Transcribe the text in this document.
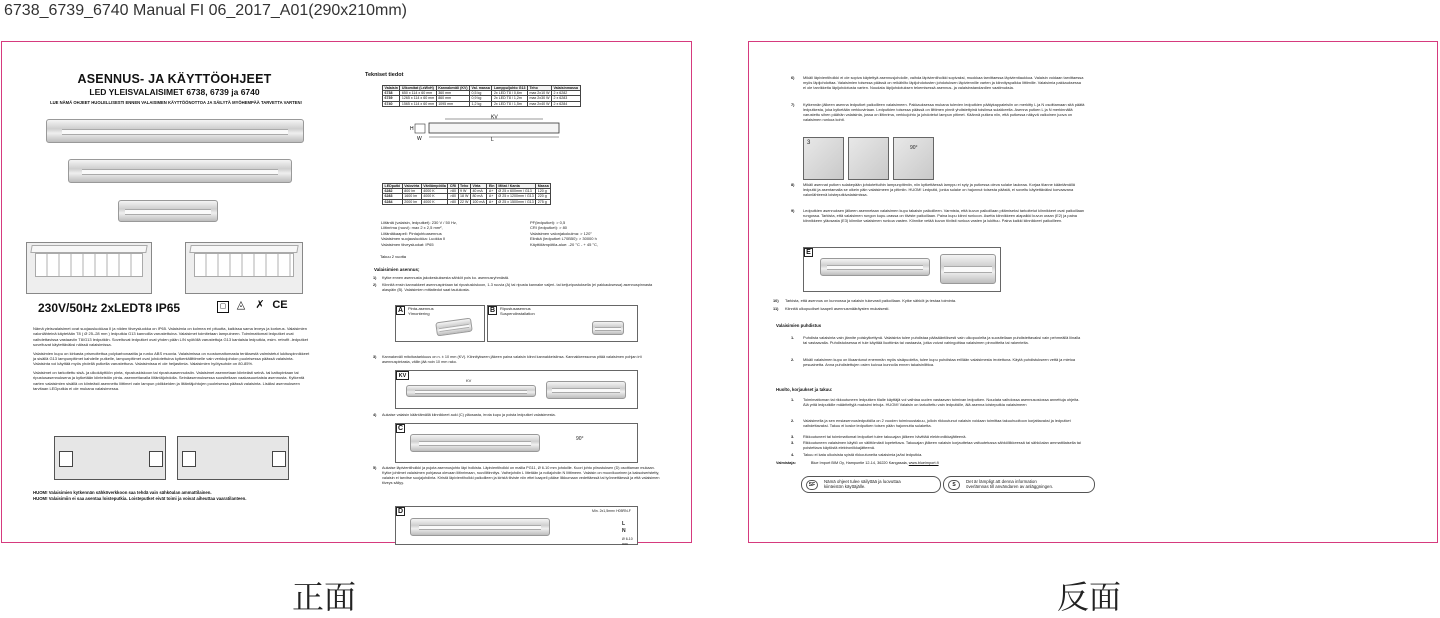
6738_6739_6740 Manual FI 06_2017_A01(290x210mm)
ASENNUS- JA KÄYTTÖOHJEET
LED YLEISVALAISIMET 6738, 6739 ja 6740
LUE NÄMÄ OHJEET HUOLELLISESTI ENNEN VALAISIMEN KÄYTTÖÖNOTTOA JA SÄILYTÄ MYÖHEMPÄÄ TARVETTA VARTEN!
230V/50Hz 2xLEDT8 IP65	▢ ◬ ✗ CE

Nämä yleisvalaisimet ovat suojausluokkaa II ja niiden tiiveysluokka on IP65. Valaisimia on kolmea eri pituutta, kaikissa sama leveys ja korkeus. Valaisimien valonlähteinä käytetään T8 ( Ø 25–28 mm ) ledputkia G13 kannoilla varustettuina. Valaisimet toimitetaan lampuineen. Toimimattomat ledputket ovat vaihdettavissa vastaaviin T8/G13 ledputkiin. Soveltuvat ledputket ovat yhden pään L/N syötöllä varustettuja G13 kantaisia ledputkia, esim. retrofit -ledputket soveltuvat käytettäväksi näissä valaisimissa.

Valaisimien kupu on kirkasta prismoitettua polykarbonaattia ja runko ABS muovia. Valaisimissa on ruostumattomasta teräksestä valmistetut lukituspinnikkeet ja sisällä G13 lampunpitimet kahdelle putkelle, lampunpitimet ovat johdotettuina kytkentäliittimelle vain verkkojohdon puoleisessa päässä valaisinta. Valaisinta voi käyttää myös yhdellä putkella varustettuna. Valaisimissa ei ole heijastimia. Valaisimien hyötysuhde on 80-85%.

Valaisimet on tarkoitettu sisä- ja ulkokäyttöön pinta, ripustuskiskoon tai ripustusasennuksiin. Valaisimet asennetaan kiinteästi seinä- tai kattopintaan tai ripustusasennuksena ja kytketään kiinteistön pinta- asennettavalla liitäntäjohdolla. Seinäasennuksessa suositellaan vaakasuuntaista asennusta. Kytkentä varten valaisimien sisällä on kiinteästi asennettu liittimet vain lampun pidikkeiden ja liitäntäjohtojen puoleisessa päässä valaisinta. Lisäksi asennukseen tarvitaan LEDputkia ei ole mukana valaisimessa.

HUOM! Valaisimien kytkennän sähköverkkoon saa tehdä vain sähköalan ammattilainen.
HUOM! Valaisimiin ei saa asentaa loisteputkia. Loisteputket eivät toimi ja voivat aiheuttaa vaaratilanteen.
Tekniset tiedot
Valaisin	Ulkomitat (LxWxH)	Kannakeväli (KV)	Val. massa	Lamppu/johto G13	Teho	Valaisinmassa
6738	650 x 114 x 60 mm	360 mm	0,5 kg	2x LED T8 / 0,6m	max 2x10 W	2 x 6282
6739	1265 x 114 x 60 mm	860 mm	0,9 kg	2x LED T8 / 1,2m	max 2x30 W	2 x 6283
6740	1565 x 114 x 60 mm	1095 mm	1,2 kg	2x LED T8 / 1,5m	max 2x40 W	2 x 6284
KV
H
W	L
LEDputki	Valovirta	Värilämpötila	CRI	Teho	Virta	Ein	Mitat / Kanta	Massa
6282	800 lm	4000 K	>80	9 W	40 mA	A+	Ø 25 x 600mm / G13	120 g
6283	1600 lm	4000 K	>80	18 W	80 mA	A+	Ø 25 x 1200mm / G13	220 g
6284	2000 lm	4000 K	>80	22 W	100 mA	A+	Ø 25 x 1500mm / G13	275 g
Liitäntä (valaisin, ledputket): 230 V / 50 Hz,
Liitinrima (ruuvi): max 2 x 2,5 mm²,
Liitäntäkaapeli: Pintajohtoasennus
Valaisimen suojausluokka: Luokka II
Valaisimen tiiveysluokat: IP65
PF(ledputket): > 0,5
CRI (ledputket): > 80
Valaisimen valonjakokulma: > 120°
Elinikä (ledputket L70B50): > 30000 h
Käyttölämpötila-alue: -20 °C - + 45 °C,
Takuu 2 vuotta
Valaisimien asennus;
1) Kytke ennen asennusta jakokeskuksesta sähköt pois ko. asennusryhmästä.
2) Kiinnitä ensin kannakkeet asennuspintaan tai ripustuskiskoon, 1-3 ruuvia (A) tai ripusta kannake vaijeri- tai ketjuripustuksella (ei pakkauksessa) asennuspinnasta alaspäin (B). Valaisimien mittatiedot saat taulukosta.
A	Pinta-asennus
Ytmontering	B	Ripustusasennus
Suspendinstallation
3) Kannakeväli mitoitustarkkuus on n. ± 10 mm (KV). Kiinnitykseen jäkeen paina valaisin kiinni kannakkeisiinsa. Kannakkeessoma pitää valaisimen pohjan irti asennuspintasta, väliin jää noin 10 mm rako.
KV
KV
4) Aukaise valaisin kääntämällä kiinnikkeet auki (C) yläosasta, irrota kupu ja poista ledputket valaisimesta.
C
90°
5) Aukaise läpivientiholkki ja pujota asennusjohto läpi holkista. Läpivientiholkki on mallia PG11, Ø 6-10 mm johdoille. Kuori johto piirustuksen (D) osoittaman mukaan. Kytke johtimet valaisimen pohjassa olevaan liitinrimaan, ruuviliitinnitys. Vaihejohdin L liitetään ja nollajohdin N liittimeen. Valaisin on muovikuorinen ja kaksoiseristetty, valaisin ei tarvitse suojajohdinta. Kiristä läpivientiholkki paikoilleen ja kiristä tiiviste niin ettei kaapeli pääse liikkumaan vedettäessä tai työnnettäessä ja että valaisimen tiiveys säilyy.
D	Min. 2x1,5mm² H05RN-F
L
N
Ø 6-10 mm
6) Mikäli läpivientiholkki ei ole sopiva käytettyä asennusjohdolle, vaihda läpivientiholkki sopivaksi, muokkaa tarvittaessa läpivientiaukkoa. Valaisin voidaan tarvittaessa myös läpijohdottaa. Valaisimien toisessa päässä on reikähilto läpijohdotusten johdotuksen läpiviennille varten ja kiinnityspalkka liittimille. Valaisimia pakkauksessa ei ole tarvikkeita läpijohdotusta varten. Noudata läpijohdotuksen tekemisessä asennus- ja valaisinstandardien vaatimuksia.
7) Kytkennän jälkeen asenna ledputket paikoilleen valaisimeen. Pakkauksessa mukana tulevien ledputkien päätykappaleisiin on merkitty L ja N osoittamaan sitä päätä ledputkesta, joka kytketään verkkovirtaan. Ledputkien toisessa päässä on liittimen pinnit yhdistettyinä toisiinsa sulakkeella. Asenna putken L ja N merkinnällä varustettu sihen päähän valaisinta, jossa on liitinrima, verkkojohto ja johdotetut lampun pitimet. Käännä putkea niin, että putkessa näkyvä valkoinen juova on valaisimen runkoa kohti.
3
90°
8) Mikäli asennat putken sulakepään johdotettuihin lampunpitimiin, niin kytkettäessä lamppu ei syty ja putkessa oleva sulake laukeaa. Korjaa tilanne kääntämällä ledputki ja asentamalla se oikein päin valaisimeen ja pitimiin. HUOM! Ledputki, jonka sulake on hajonnut toisesta päästä, ei soveltu käytettäväksi korvaavana valonlähteenä loisteputkivalaisimissa.
9) Ledputkien asennuksen jälkeen asennetaan valaisimen kupu takaisin paikoilleen. Varmista, että kuvun paikoillaan pitämiseksi tarkoitetut kiinnikkeet ovat paikoillaan rungossa. Tarkista, että valaisimen rungon kupu-urassa on tiiviste paikoillaan. Paina kupu kiinni runkoon. Asetta kiinnikkeen alapalkki kuvun uraan (E2) ja paina kiinnikkeen yläosasta (E3) kiinnike valaisimen runkoa vasten. Kiinnike vetää kuvun tiiviisti runkoa vasten ja lukittuu. Paina kaikki kiinnikkeet paikoilleen.
E
10) Tarkista, että asennus on kunnossa ja valaisin tukevasti paikoillaan. Kytke sähköt ja testaa toiminta.
11) Kiinnitä ulkopuoliset kaapeli asennusmääräysten mukaisesti.
Valaisimien puhdistus
1. Puhdista valaisinta vain jännite poiskytkettynä. Valaisinta tulee puhdistaa pääsääntöisesti vain ulkopuolelta ja suositellaan puhdistettavaksi vain pehmeällä liinalla tai vastaavalla. Puhdistuksessa ei tule käyttää liuottimia tai vastaavia, jotka voivat vahingoittaa valaisimen pinnoitteita tai rakenteita.
2. Mikäli valaisimen kupu on likaantunut enemmän myös sisäpuolelta, tulee kupu puhdistaa erillään valaisimesta irrotettuna. Käytä puhdistukseen vettä ja mietoa pesuainetta. Anna puhdistettujen osien kuivua kunnolla ennen takaisinliittoa.
Huolto, korjaukset ja takuu:
1. Toimimattoman tai rikkoutuneen ledputken tilalle käyttäjä voi vaihtaa uuden vastaavan toimivan ledputken. Noudata vaihdossa asennusosiossa annettuja ohjeita. Älä yritä ledputkille määriteltyjä maksimi tehoja. HUOM! Valaisin on tarkoitettu vain ledputkille, älä asenna loisteputkia valaisimeen
2. Valaisimella ja sen ensiasennusledputkilla on 2 vuoden toimivuustakuu, jolloin rikkoutunut valaisin voidaan toimittaa takuuhuoltoon korjattavaksi ja ledputket vaihdettavaksi. Takuu ei koske ledputken toisen pään hajonnutta sulaketta.
3. Rikkoutuneet tai toimimattomat ledputket tulee takuuajan jälkeen hävittää elektroniikkajätteenä.
3. Rikkoutuneen valaisimen käyttö on välittömästi lopetettava. Takuuajan jälkeen valaisin korjauttetaa valtuutetussa sähköliikkeessä tai sähköalan ammattilaisella tai poistettava käytöstä elektroniikkajätteenä.
4. Takuu ei kata ulkoisista syistä rikkoutuneita valaisimia ja/tai ledputkia.
Valmistaja:	Blue Import BIM Oy, Hampuntie 12-14, 36220 Kangasala, www.blueimport.fi
SF
Nämä ohjeet tulee säilyttää ja luovuttaa
kiinteistön käyttäjälle.	S
Det är lämpligt att denna information
överlämnas till användaren av anläggningen.
正面	反面
